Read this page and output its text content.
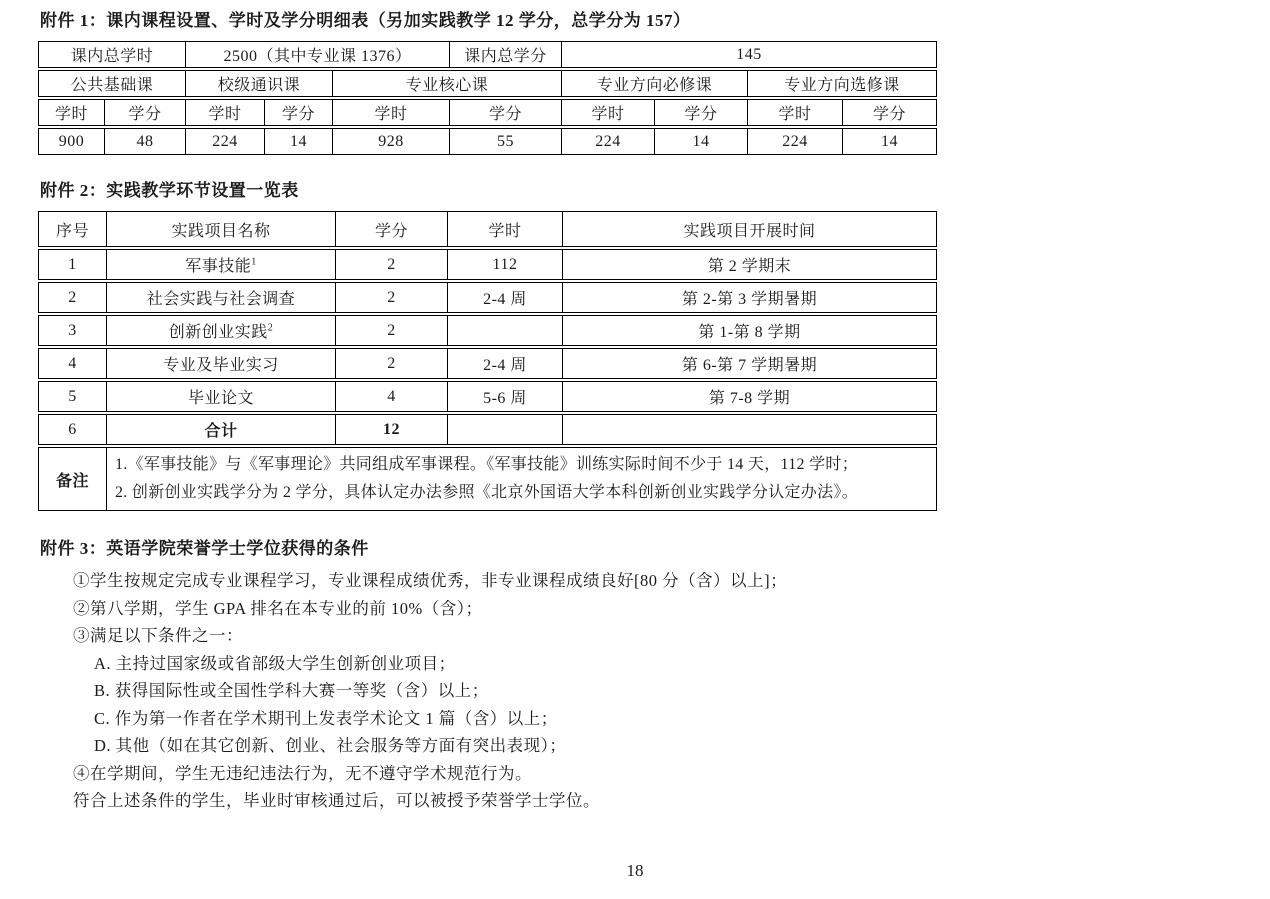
附件 1：课内课程设置、学时及学分明细表（另加实践教学 12 学分，总学分为 157）
课内总学时		2500（其中专业课 1376）			课内总学分	145			
公共基础课		校级通识课		专业核心课		专业方向必修课		专业方向选修课	
学时	学分	学时	学分	学时	学分	学时	学分	学时	学分
900	48	224	14	928	55	224	14	224	14
附件 2：实践教学环节设置一览表
序号	实践项目名称	学分	学时	实践项目开展时间
1	军事技能$^1$	2	112	第 2 学期末
2	社会实践与社会调查	2	2-4 周	第 2-第 3 学期暑期
3	创新创业实践$^2$	2		第 1-第 8 学期
4	专业及毕业实习	2	2-4 周	第 6-第 7 学期暑期
5	毕业论文	4	5-6 周	第 7-8 学期
6	合计	12		
备注	1.《军事技能》与《军事理论》共同组成军事课程。《军事技能》训练实际时间不少于 14 天，112 学时；
2. 创新创业实践学分为 2 学分，具体认定办法参照《北京外国语大学本科创新创业实践学分认定办法》。			
附件 3：英语学院荣誉学士学位获得的条件
①学生按规定完成专业课程学习，专业课程成绩优秀，非专业课程成绩良好[80 分（含）以上]；
②第八学期，学生 GPA 排名在本专业的前 10%（含）；
③满足以下条件之一：
A. 主持过国家级或省部级大学生创新创业项目；
B. 获得国际性或全国性学科大赛一等奖（含）以上；
C. 作为第一作者在学术期刊上发表学术论文 1 篇（含）以上；
D. 其他（如在其它创新、创业、社会服务等方面有突出表现）；
④在学期间，学生无违纪违法行为，无不遵守学术规范行为。
符合上述条件的学生，毕业时审核通过后，可以被授予荣誉学士学位。
18
